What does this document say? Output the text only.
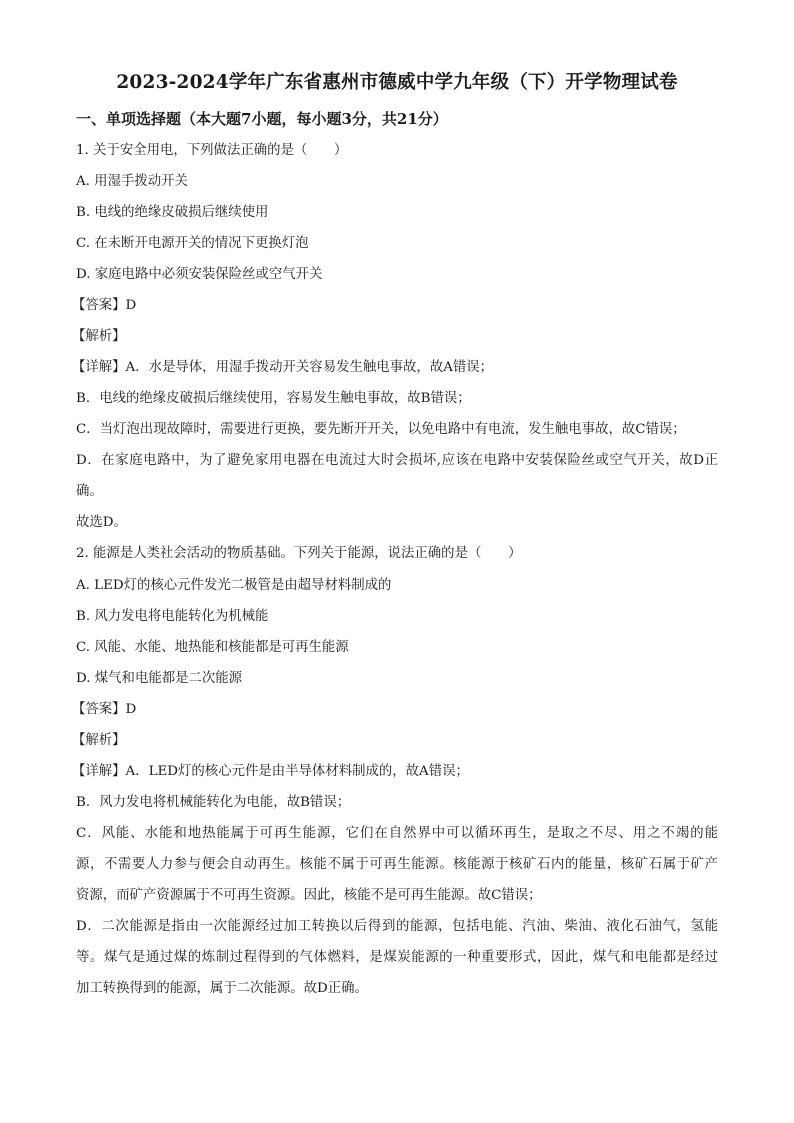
2023-2024学年广东省惠州市德威中学九年级（下）开学物理试卷
一、单项选择题（本大题7小题，每小题3分，共21分）
1. 关于安全用电，下列做法正确的是（　　）
A. 用湿手拨动开关
B. 电线的绝缘皮破损后继续使用
C. 在未断开电源开关的情况下更换灯泡
D. 家庭电路中必须安装保险丝或空气开关
【答案】D
【解析】
【详解】A．水是导体，用湿手拨动开关容易发生触电事故，故A错误；
B．电线的绝缘皮破损后继续使用，容易发生触电事故，故B错误；
C．当灯泡出现故障时，需要进行更换，要先断开开关，以免电路中有电流，发生触电事故，故C错误；
D．在家庭电路中，为了避免家用电器在电流过大时会损坏,应该在电路中安装保险丝或空气开关，故D正
确。
故选D。
2. 能源是人类社会活动的物质基础。下列关于能源，说法正确的是（　　）
A. LED灯的核心元件发光二极管是由超导材料制成的
B. 风力发电将电能转化为机械能
C. 风能、水能、地热能和核能都是可再生能源
D. 煤气和电能都是二次能源
【答案】D
【解析】
【详解】A．LED灯的核心元件是由半导体材料制成的，故A错误；
B．风力发电将机械能转化为电能，故B错误；
C．风能、水能和地热能属于可再生能源，它们在自然界中可以循环再生，是取之不尽、用之不竭的能
源，不需要人力参与便会自动再生。核能不属于可再生能源。核能源于核矿石内的能量，核矿石属于矿产
资源，而矿产资源属于不可再生资源。因此，核能不是可再生能源。故C错误；
D．二次能源是指由一次能源经过加工转换以后得到的能源，包括电能、汽油、柴油、液化石油气，氢能
等。煤气是通过煤的炼制过程得到的气体燃料，是煤炭能源的一种重要形式，因此，煤气和电能都是经过
加工转换得到的能源，属于二次能源。故D正确。
